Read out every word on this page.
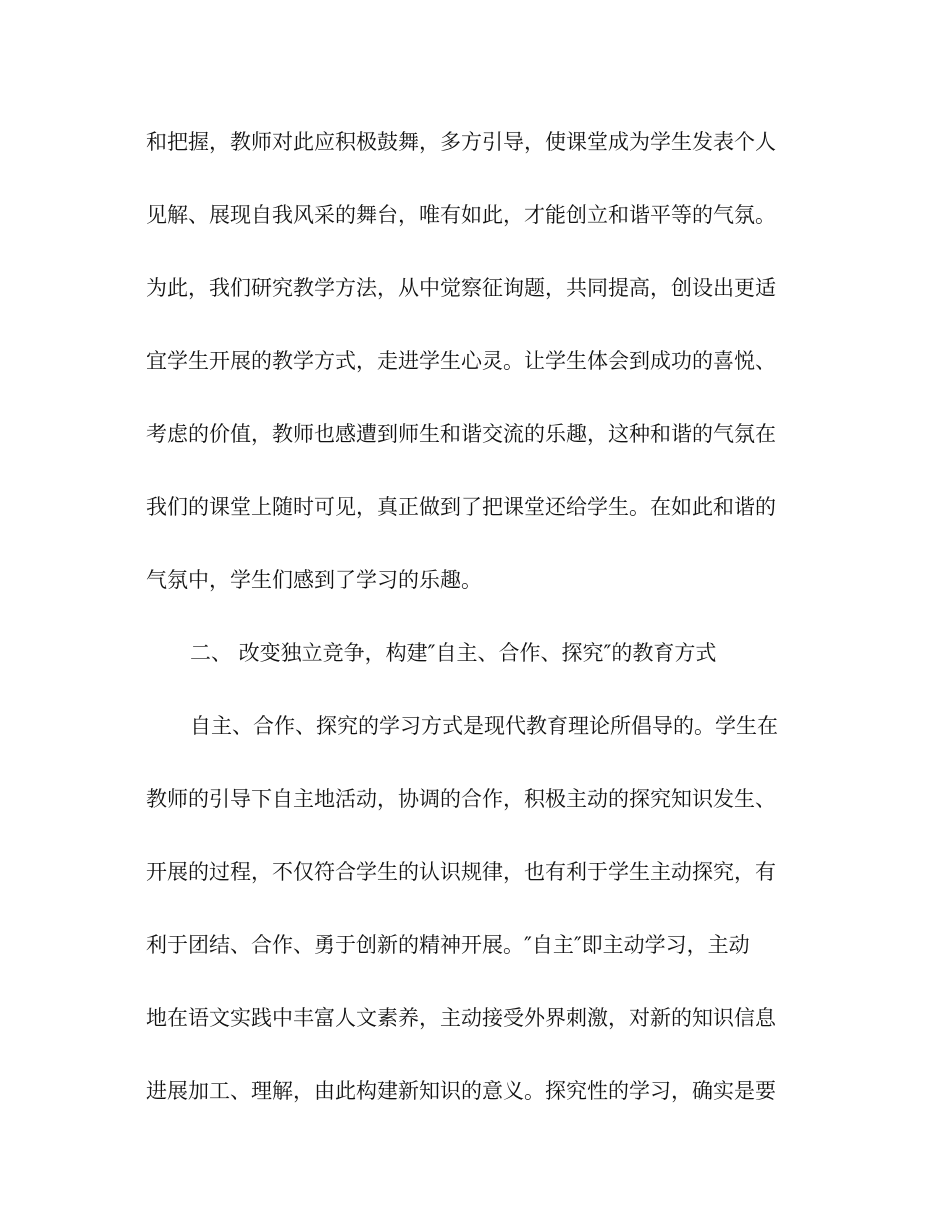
和把握，教师对此应积极鼓舞，多方引导，使课堂成为学生发表个人
见解、展现自我风采的舞台，唯有如此，才能创立和谐平等的气氛。
为此，我们研究教学方法，从中觉察征询题，共同提高，创设出更适
宜学生开展的教学方式，走进学生心灵。让学生体会到成功的喜悦、
考虑的价值，教师也感遭到师生和谐交流的乐趣，这种和谐的气氛在
我们的课堂上随时可见，真正做到了把课堂还给学生。在如此和谐的
气氛中，学生们感到了学习的乐趣。
二、 改变独立竞争，构建″自主、合作、探究″的教育方式
自主、合作、探究的学习方式是现代教育理论所倡导的。学生在
教师的引导下自主地活动，协调的合作，积极主动的探究知识发生、
开展的过程，不仅符合学生的认识规律，也有利于学生主动探究，有
利于团结、合作、勇于创新的精神开展。″自主″即主动学习，主动
地在语文实践中丰富人文素养，主动接受外界刺激，对新的知识信息
进展加工、理解，由此构建新知识的意义。探究性的学习，确实是要
